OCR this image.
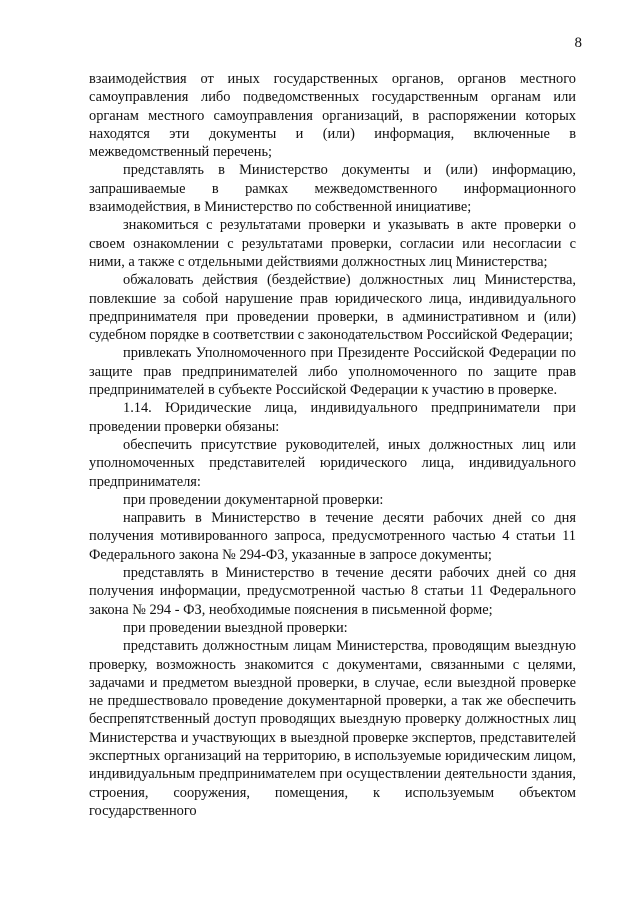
8

взаимодействия от иных государственных органов, органов местного самоуправления либо подведомственных государственным органам или органам местного самоуправления организаций, в распоряжении которых находятся эти документы и (или) информация, включенные в межведомственный перечень;

представлять в Министерство документы и (или) информацию, запрашиваемые в рамках межведомственного информационного взаимодействия, в Министерство по собственной инициативе;

знакомиться с результатами проверки и указывать в акте проверки о своем ознакомлении с результатами проверки, согласии или несогласии с ними, а также с отдельными действиями должностных лиц Министерства;

обжаловать действия (бездействие) должностных лиц Министерства, повлекшие за собой нарушение прав юридического лица, индивидуального предпринимателя при проведении проверки, в административном и (или) судебном порядке в соответствии с законодательством Российской Федерации;

привлекать Уполномоченного при Президенте Российской Федерации по защите прав предпринимателей либо уполномоченного по защите прав предпринимателей в субъекте Российской Федерации к участию в проверке.

1.14. Юридические лица, индивидуального предприниматели при проведении проверки обязаны:

обеспечить присутствие руководителей, иных должностных лиц или уполномоченных представителей юридического лица, индивидуального предпринимателя:

при проведении документарной проверки:

направить в Министерство в течение десяти рабочих дней со дня получения мотивированного запроса, предусмотренного частью 4 статьи 11 Федерального закона № 294-ФЗ, указанные в запросе документы;

представлять в Министерство в течение десяти рабочих дней со дня получения информации, предусмотренной частью 8 статьи 11 Федерального закона № 294 - ФЗ, необходимые пояснения в письменной форме;

при проведении выездной проверки:

представить должностным лицам Министерства, проводящим выездную проверку, возможность знакомится с документами, связанными с целями, задачами и предметом выездной проверки, в случае, если выездной проверке не предшествовало проведение документарной проверки, а так же обеспечить беспрепятственный доступ проводящих выездную проверку должностных лиц Министерства и участвующих в выездной проверке экспертов, представителей экспертных организаций на территорию, в используемые юридическим лицом, индивидуальным предпринимателем при осуществлении деятельности здания, строения, сооружения, помещения, к используемым объектом государственного
